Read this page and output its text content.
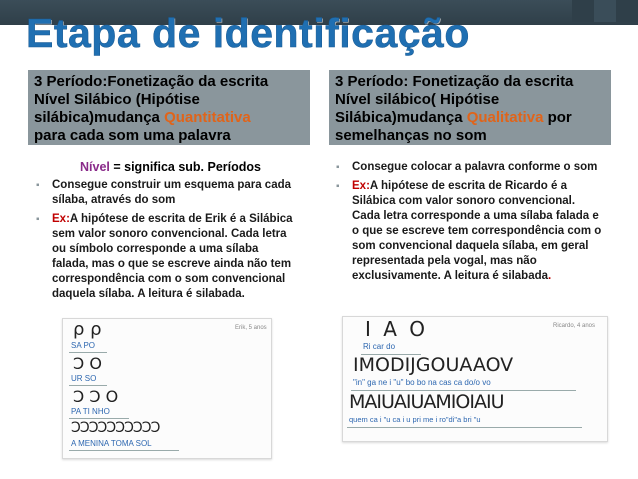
Etapa de identificação
3 Período:Fonetização da escrita
Nível Silábico (Hipótise
silábica)mudança Quantitativa
para cada som uma palavra
3 Período: Fonetização da escrita
Nível silábico( Hipótise
Silábica)mudança Qualitativa por
semelhanças no som
Nível = significa sub. Períodos
▪ Consegue construir um esquema para cada sílaba, através do som
▪ Ex:A hipótese de escrita de Erik é a Silábica sem valor sonoro convencional. Cada letra ou símbolo corresponde a uma sílaba falada, mas o que se escreve ainda não tem correspondência com o som convencional daquela sílaba. A leitura é silabada.
▪ Consegue colocar a palavra conforme o som
▪ Ex:A hipótese de escrita de Ricardo é a Silábica com valor sonoro convencional. Cada letra corresponde a uma sílaba falada e o que se escreve tem correspondência com o som convencional daquela sílaba, em geral representada pela vogal, mas não exclusivamente. A leitura é silabada.
Erik, 5 anos
ρ ρ
SA PO
Ͻ Ο
UR SO
Ͻ Ͻ Ο
PA TI NHO
ϽϽϽϽϽϽϽϽϽϽ
A MENINA TOMA SOL
Ricardo, 4 anos
I A O
Ri car do
IMODIJGOUAAOV
"in" ga ne i "u" bo bo na cas ca do/o vo
MAIUAIUAMIOIAIU
quem ca i "u ca i u pri me i ro"di"a bri "u
